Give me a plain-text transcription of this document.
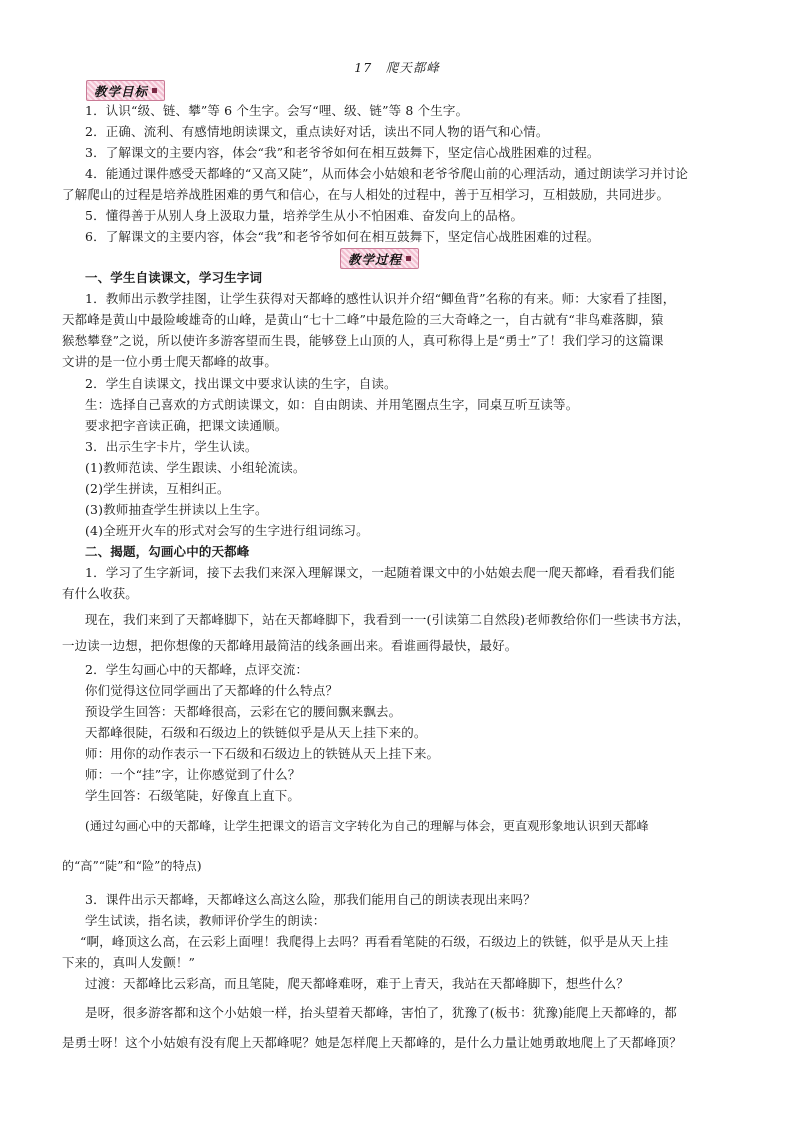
17　爬天都峰
教学目标
1．认识“级、链、攀”等 6 个生字。会写“哩、级、链”等 8 个生字。
2．正确、流利、有感情地朗读课文，重点读好对话，读出不同人物的语气和心情。
3．了解课文的主要内容，体会“我”和老爷爷如何在相互鼓舞下，坚定信心战胜困难的过程。
4．能通过课件感受天都峰的“又高又陡”，从而体会小姑娘和老爷爷爬山前的心理活动，通过朗读学习并讨论
了解爬山的过程是培养战胜困难的勇气和信心，在与人相处的过程中，善于互相学习，互相鼓励，共同进步。
5．懂得善于从别人身上汲取力量，培养学生从小不怕困难、奋发向上的品格。
6．了解课文的主要内容，体会“我”和老爷爷如何在相互鼓舞下，坚定信心战胜困难的过程。
教学过程
一、学生自读课文，学习生字词
1．教师出示教学挂图，让学生获得对天都峰的感性认识并介绍“鲫鱼背”名称的有来。师：大家看了挂图，
天都峰是黄山中最险峻雄奇的山峰，是黄山“七十二峰”中最危险的三大奇峰之一，自古就有“非鸟难落脚，猿
猴愁攀登”之说，所以使许多游客望而生畏，能够登上山顶的人，真可称得上是“勇士”了！我们学习的这篇课
文讲的是一位小勇士爬天都峰的故事。
2．学生自读课文，找出课文中要求认读的生字，自读。
生：选择自己喜欢的方式朗读课文，如：自由朗读、并用笔圈点生字，同桌互听互读等。
要求把字音读正确，把课文读通顺。
3．出示生字卡片，学生认读。
(1)教师范读、学生跟读、小组轮流读。
(2)学生拼读，互相纠正。
(3)教师抽查学生拼读以上生字。
(4)全班开火车的形式对会写的生字进行组词练习。
二、揭题，勾画心中的天都峰
1．学习了生字新词，接下去我们来深入理解课文，一起随着课文中的小姑娘去爬一爬天都峰，看看我们能
有什么收获。
现在，我们来到了天都峰脚下，站在天都峰脚下，我看到一一(引读第二自然段)老师教给你们一些读书方法，
一边读一边想，把你想像的天都峰用最简洁的线条画出来。看谁画得最快，最好。
2．学生勾画心中的天都峰，点评交流：
你们觉得这位同学画出了天都峰的什么特点？
预设学生回答：天都峰很高，云彩在它的腰间飘来飘去。
天都峰很陡，石级和石级边上的铁链似乎是从天上挂下来的。
师：用你的动作表示一下石级和石级边上的铁链从天上挂下来。
师：一个“挂”字，让你感觉到了什么？
学生回答：石级笔陡，好像直上直下。
(通过勾画心中的天都峰，让学生把课文的语言文字转化为自己的理解与体会，更直观形象地认识到天都峰
的“高”“陡”和“险”的特点)
3．课件出示天都峰，天都峰这么高这么险，那我们能用自己的朗读表现出来吗？
学生试读，指名读，教师评价学生的朗读：
“啊，峰顶这么高，在云彩上面哩！我爬得上去吗？再看看笔陡的石级，石级边上的铁链，似乎是从天上挂
下来的，真叫人发颤！”
过渡：天都峰比云彩高，而且笔陡，爬天都峰难呀，难于上青天，我站在天都峰脚下，想些什么？
是呀，很多游客都和这个小姑娘一样，抬头望着天都峰，害怕了，犹豫了(板书：犹豫)能爬上天都峰的，都
是勇士呀！这个小姑娘有没有爬上天都峰呢？她是怎样爬上天都峰的，是什么力量让她勇敢地爬上了天都峰顶？
